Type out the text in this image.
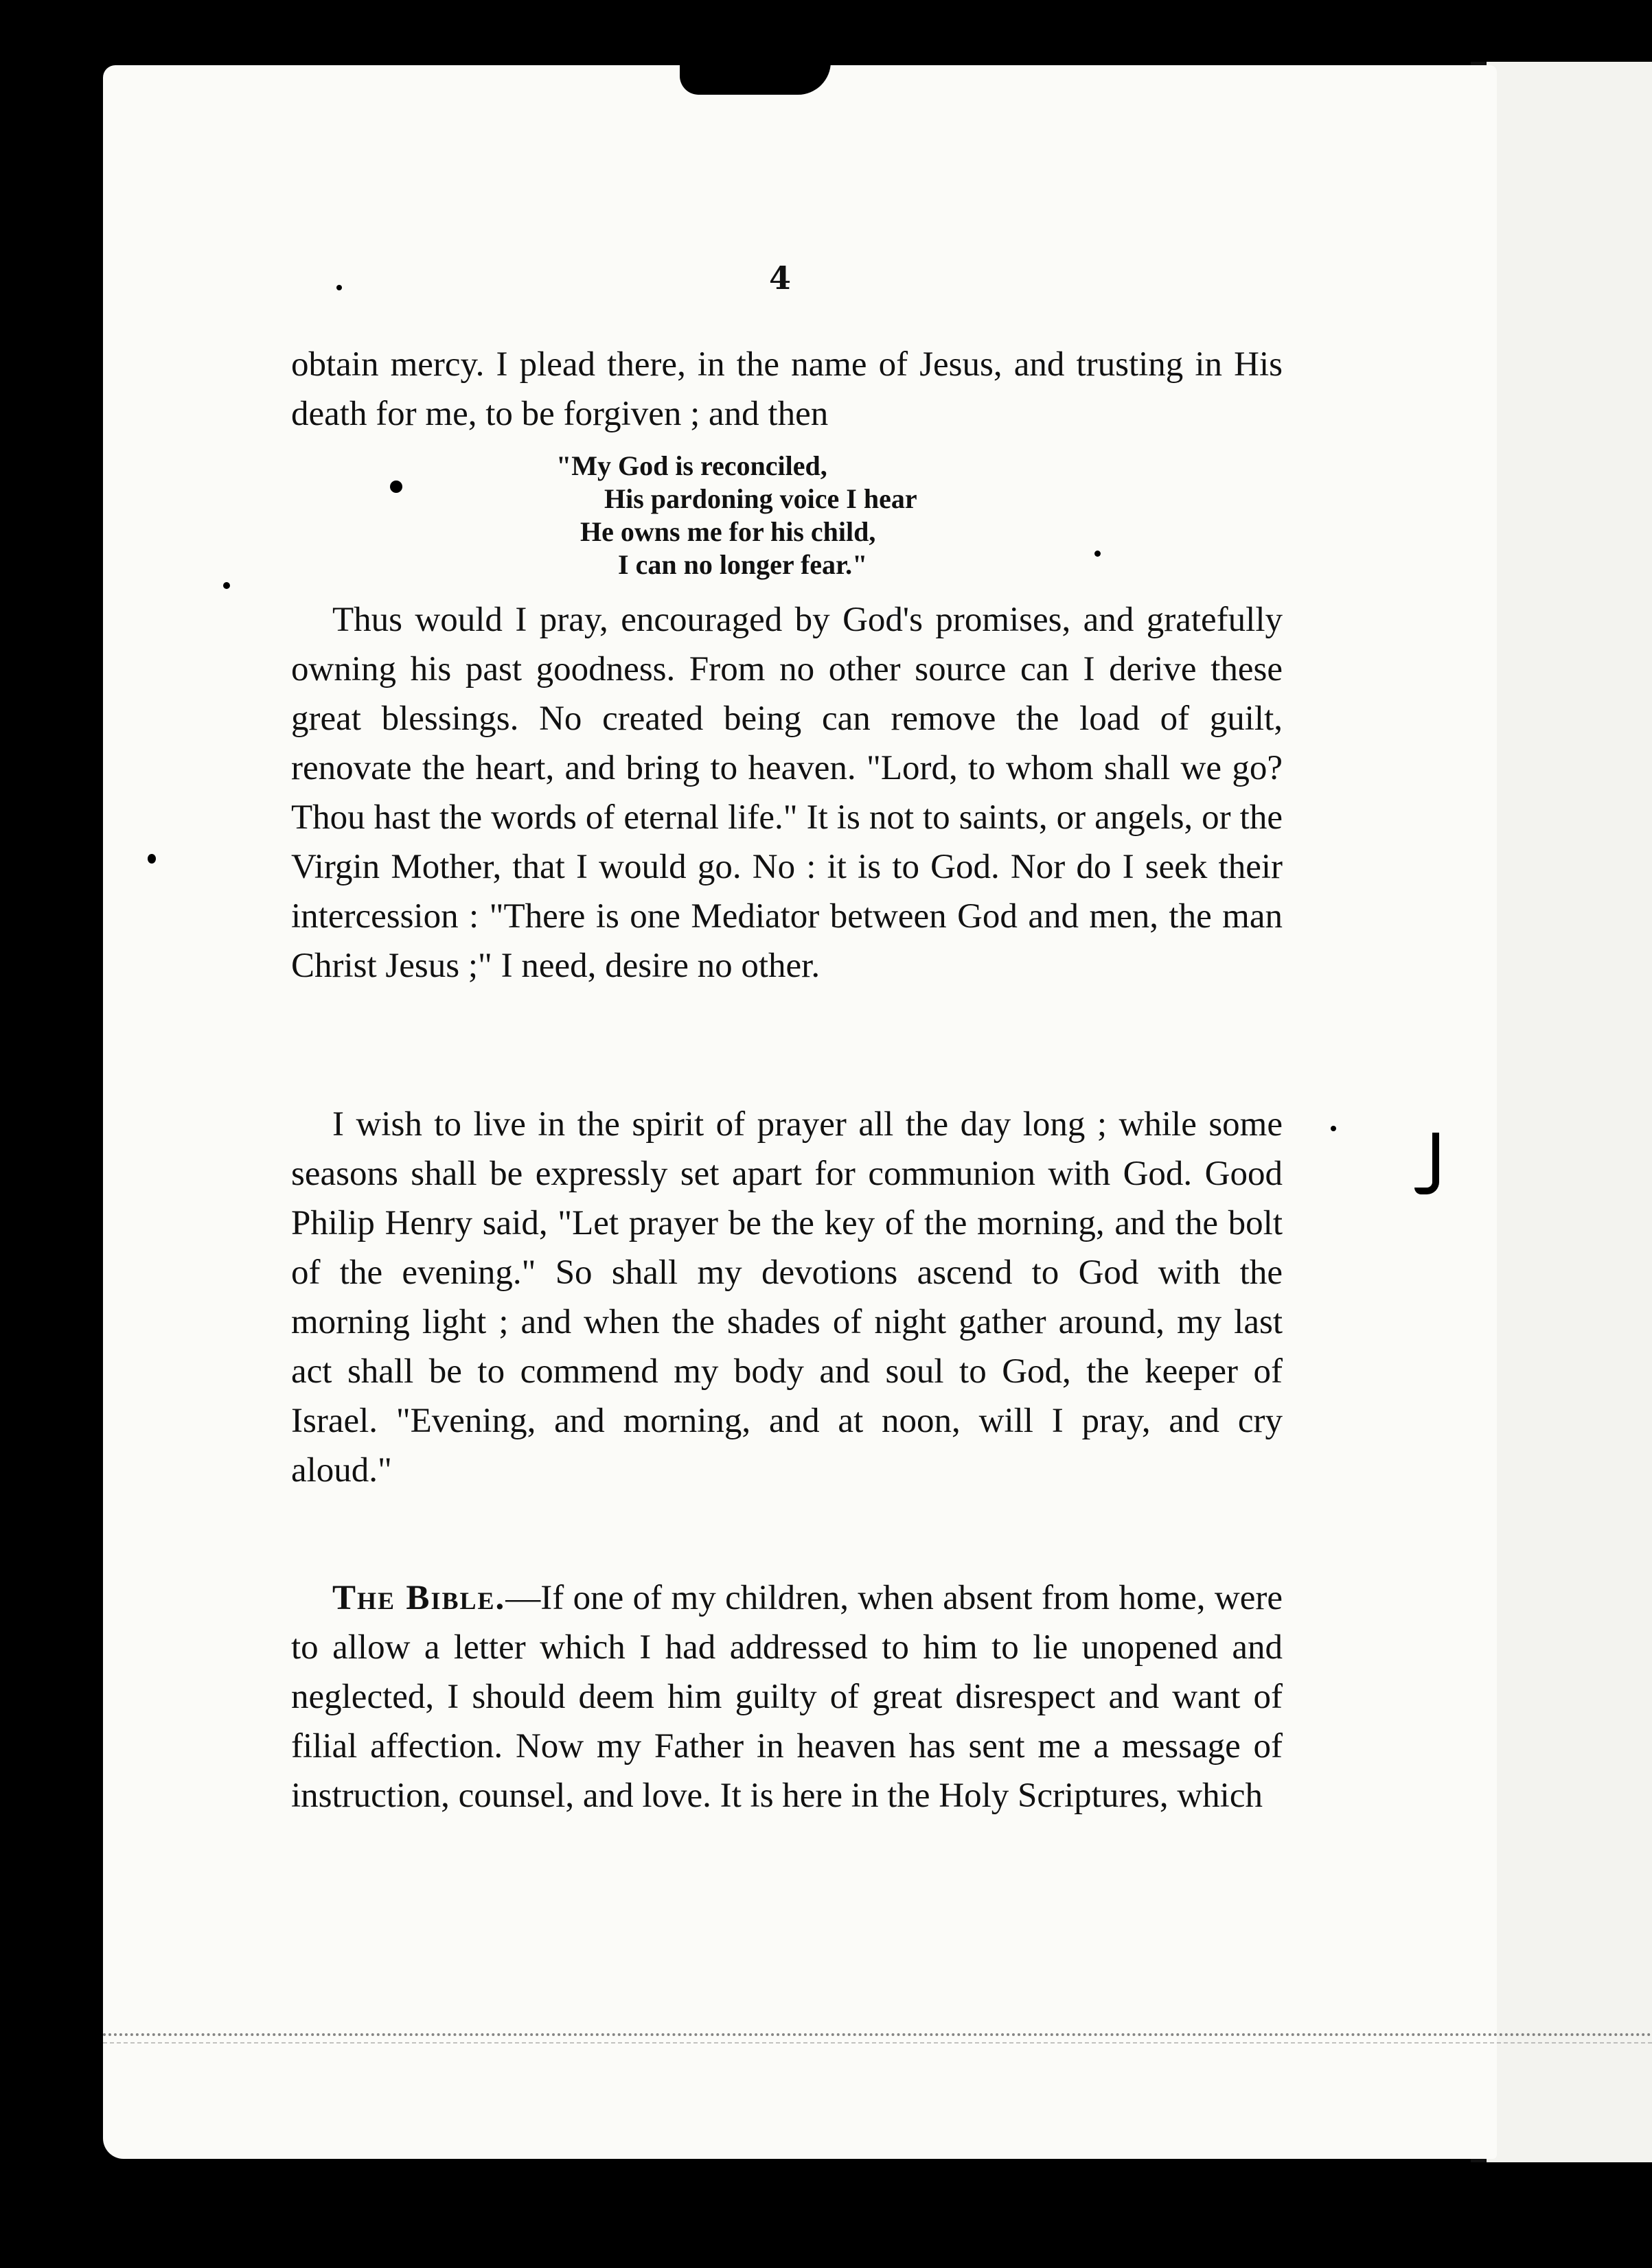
4

obtain mercy. I plead there, in the name of Jesus, and trusting in His death for me, to be forgiven ; and then

"My God is reconciled,
His pardoning voice I hear
He owns me for his child,
I can no longer fear."

Thus would I pray, encouraged by God's promises, and gratefully owning his past goodness. From no other source can I derive these great blessings. No created being can remove the load of guilt, renovate the heart, and bring to heaven. "Lord, to whom shall we go? Thou hast the words of eternal life." It is not to saints, or angels, or the Virgin Mother, that I would go. No : it is to God. Nor do I seek their intercession : "There is one Mediator between God and men, the man Christ Jesus ;" I need, desire no other.

I wish to live in the spirit of prayer all the day long ; while some seasons shall be expressly set apart for communion with God. Good Philip Henry said, "Let prayer be the key of the morning, and the bolt of the evening." So shall my devotions ascend to God with the morning light ; and when the shades of night gather around, my last act shall be to commend my body and soul to God, the keeper of Israel. "Evening, and morning, and at noon, will I pray, and cry aloud."

The Bible.—If one of my children, when absent from home, were to allow a letter which I had addressed to him to lie unopened and neglected, I should deem him guilty of great disrespect and want of filial affection. Now my Father in heaven has sent me a message of instruction, counsel, and love. It is here in the Holy Scriptures, which
